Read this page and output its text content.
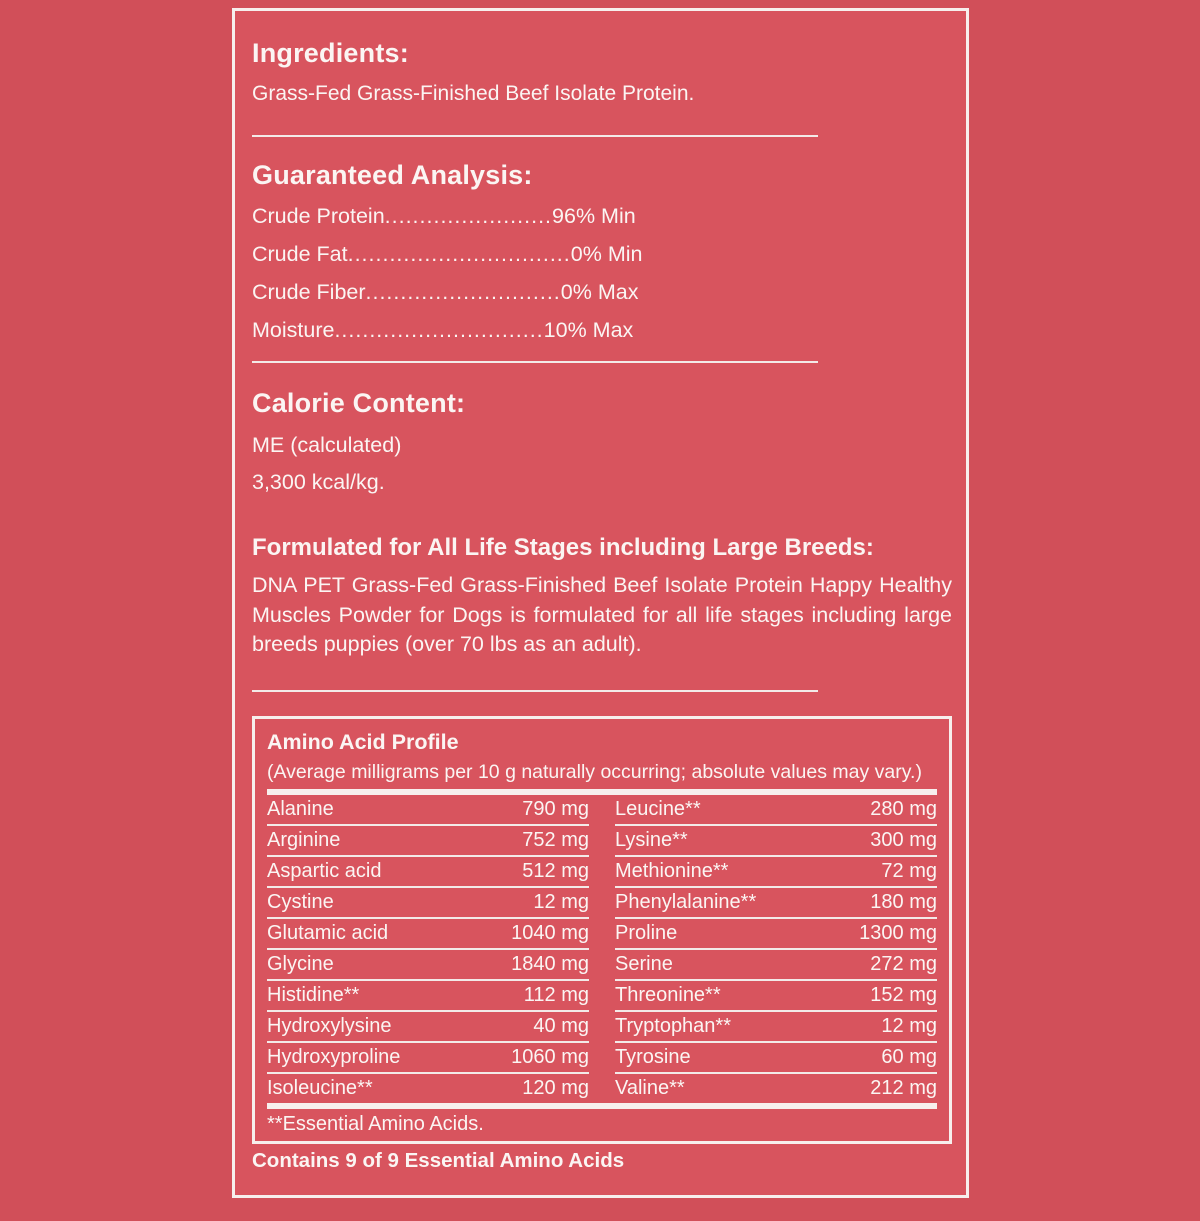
Ingredients:
Grass-Fed Grass-Finished Beef Isolate Protein.
Guaranteed Analysis:
Crude Protein........................96% Min
Crude Fat................................0% Min
Crude Fiber............................0% Max
Moisture..............................10% Max
Calorie Content:
ME (calculated)
3,300 kcal/kg.
Formulated for All Life Stages including Large Breeds:
DNA PET Grass-Fed Grass-Finished Beef Isolate Protein Happy Healthy Muscles Powder for Dogs is formulated for all life stages including large breeds puppies (over 70 lbs as an adult).
Amino Acid Profile
(Average milligrams per 10 g naturally occurring; absolute values may vary.)
Alanine	790 mg
Arginine	752 mg
Aspartic acid	512 mg
Cystine	12 mg
Glutamic acid	1040 mg
Glycine	1840 mg
Histidine**	112 mg
Hydroxylysine	40 mg
Hydroxyproline	1060 mg
Isoleucine**	120 mg
Leucine**	280 mg
Lysine**	300 mg
Methionine**	72 mg
Phenylalanine**	180 mg
Proline	1300 mg
Serine	272 mg
Threonine**	152 mg
Tryptophan**	12 mg
Tyrosine	60 mg
Valine**	212 mg
**Essential Amino Acids.
Contains 9 of 9 Essential Amino Acids
